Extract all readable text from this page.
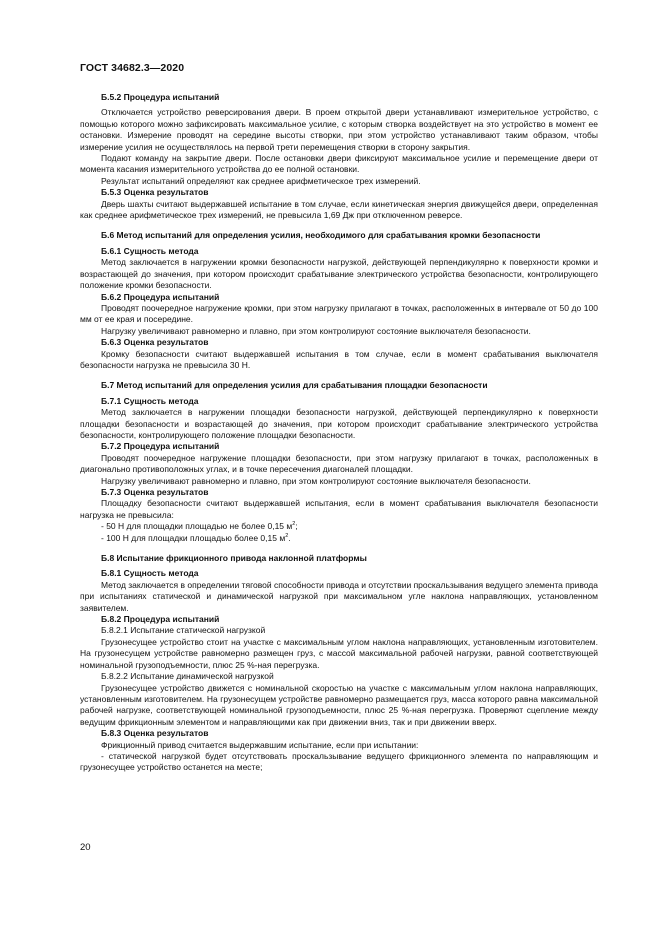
ГОСТ 34682.3—2020
Б.5.2 Процедура испытаний

Отключается устройство реверсирования двери. В проем открытой двери устанавливают измерительное устройство, с помощью которого можно зафиксировать максимальное усилие, с которым створка воздействует на это устройство в момент ее остановки. Измерение проводят на середине высоты створки, при этом устройство устанавливают таким образом, чтобы измерение усилия не осуществлялось на первой трети перемещения створки в сторону закрытия.

Подают команду на закрытие двери. После остановки двери фиксируют максимальное усилие и перемещение двери от момента касания измерительного устройства до ее полной остановки.

Результат испытаний определяют как среднее арифметическое трех измерений.

Б.5.3 Оценка результатов

Дверь шахты считают выдержавшей испытание в том случае, если кинетическая энергия движущейся двери, определенная как среднее арифметическое трех измерений, не превысила 1,69 Дж при отключенном реверсе.

Б.6 Метод испытаний для определения усилия, необходимого для срабатывания кромки безопасности
Б.6.1 Сущность метода

Метод заключается в нагружении кромки безопасности нагрузкой, действующей перпендикулярно к поверхности кромки и возрастающей до значения, при котором происходит срабатывание электрического устройства безопасности, контролирующего положение кромки безопасности.

Б.6.2 Процедура испытаний

Проводят поочередное нагружение кромки, при этом нагрузку прилагают в точках, расположенных в интервале от 50 до 100 мм от ее края и посередине.

Нагрузку увеличивают равномерно и плавно, при этом контролируют состояние выключателя безопасности.

Б.6.3 Оценка результатов

Кромку безопасности считают выдержавшей испытания в том случае, если в момент срабатывания выключателя безопасности нагрузка не превысила 30 Н.

Б.7 Метод испытаний для определения усилия для срабатывания площадки безопасности
Б.7.1 Сущность метода

Метод заключается в нагружении площадки безопасности нагрузкой, действующей перпендикулярно к поверхности площадки безопасности и возрастающей до значения, при котором происходит срабатывание электрического устройства безопасности, контролирующего положение площадки безопасности.

Б.7.2 Процедура испытаний

Проводят поочередное нагружение площадки безопасности, при этом нагрузку прилагают в точках, расположенных в диагонально противоположных углах, и в точке пересечения диагоналей площадки.

Нагрузку увеличивают равномерно и плавно, при этом контролируют состояние выключателя безопасности.

Б.7.3 Оценка результатов

Площадку безопасности считают выдержавшей испытания, если в момент срабатывания выключателя безопасности нагрузка не превысила:

- 50 Н для площадки площадью не более 0,15 $м^2$;

- 100 Н для площадки площадью более 0,15 $м^2$.

Б.8 Испытание фрикционного привода наклонной платформы
Б.8.1 Сущность метода

Метод заключается в определении тяговой способности привода и отсутствии проскальзывания ведущего элемента привода при испытаниях статической и динамической нагрузкой при максимальном угле наклона направляющих, установленном заявителем.

Б.8.2 Процедура испытаний

Б.8.2.1 Испытание статической нагрузкой

Грузонесущее устройство стоит на участке с максимальным углом наклона направляющих, установленным изготовителем. На грузонесущем устройстве равномерно размещен груз, с массой максимальной рабочей нагрузки, равной соответствующей номинальной грузоподъемности, плюс 25 %-ная перегрузка.

Б.8.2.2 Испытание динамической нагрузкой

Грузонесущее устройство движется с номинальной скоростью на участке с максимальным углом наклона направляющих, установленным изготовителем. На грузонесущем устройстве равномерно размещается груз, масса которого равна максимальной рабочей нагрузке, соответствующей номинальной грузоподъемности, плюс 25 %-ная перегрузка. Проверяют сцепление между ведущим фрикционным элементом и направляющими как при движении вниз, так и при движении вверх.

Б.8.3 Оценка результатов

Фрикционный привод считается выдержавшим испытание, если при испытании:

- статической нагрузкой будет отсутствовать проскальзывание ведущего фрикционного элемента по направляющим и грузонесущее устройство останется на месте;

20
